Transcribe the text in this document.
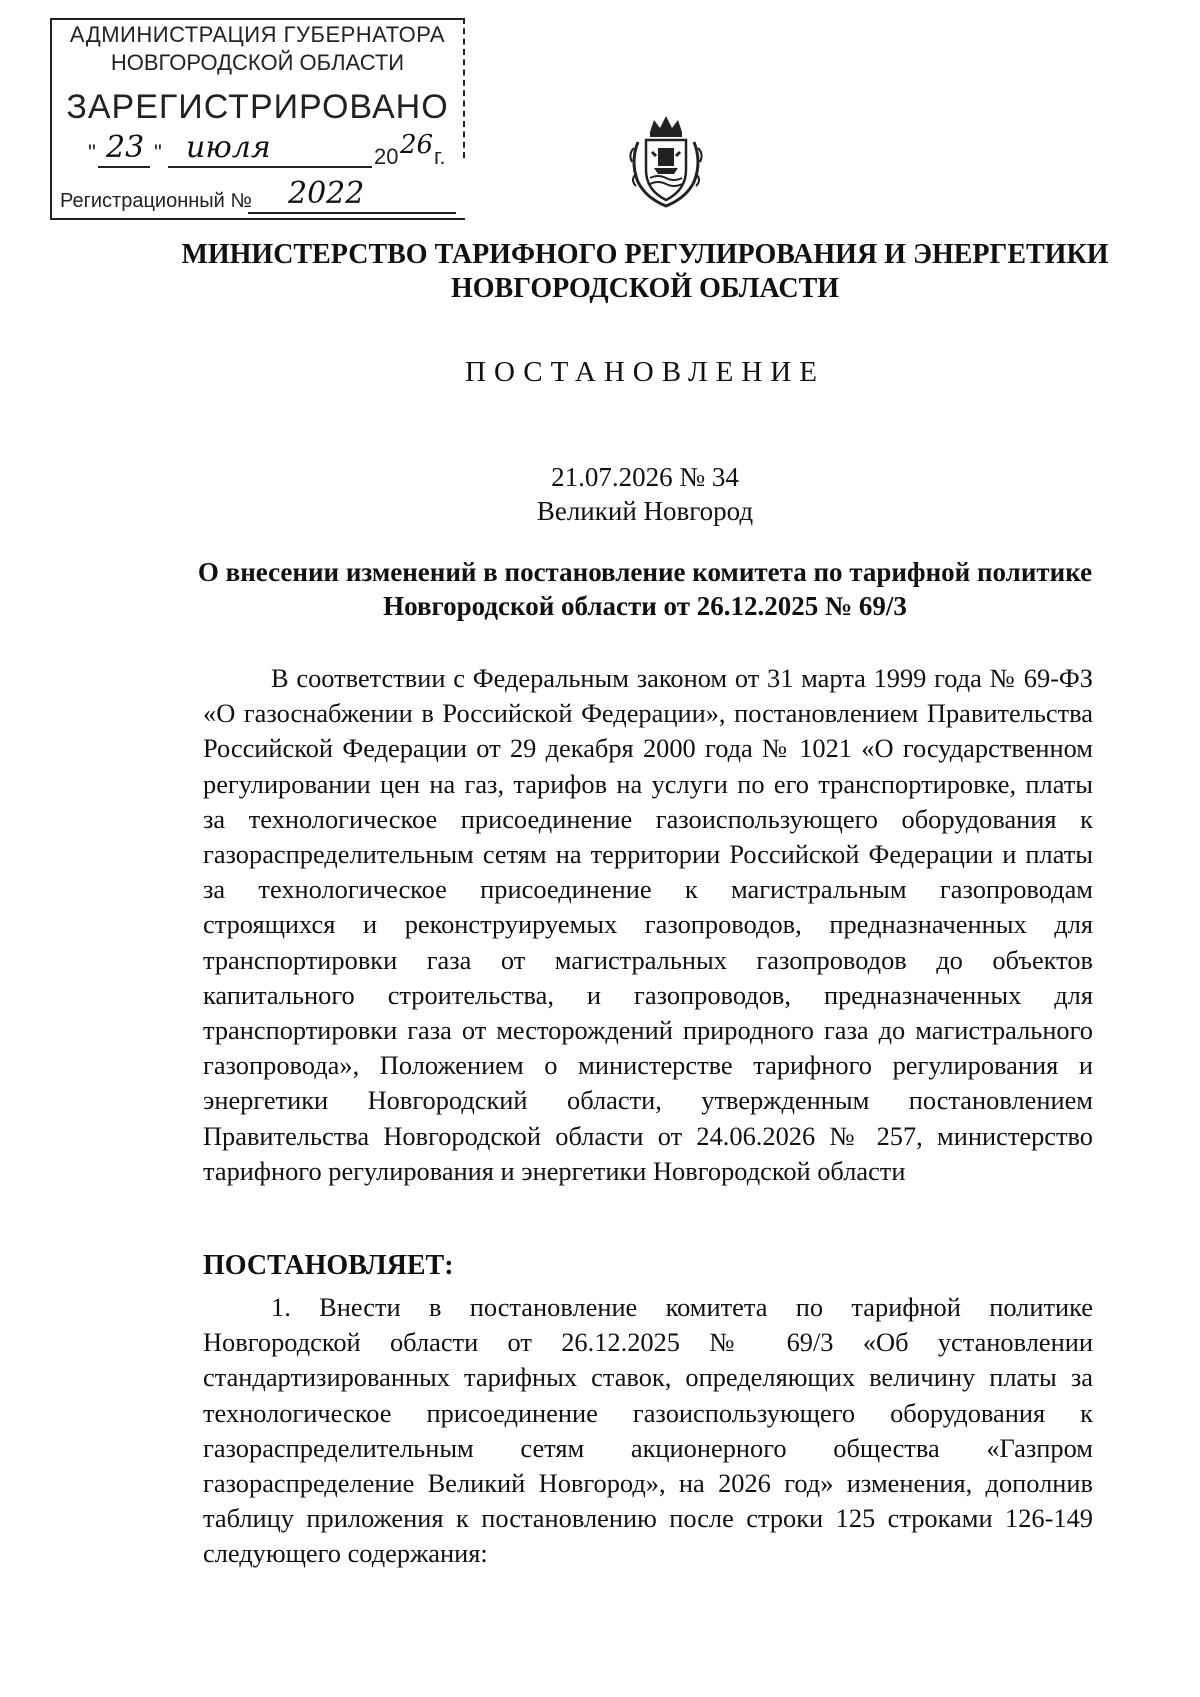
АДМИНИСТРАЦИЯ ГУБЕРНАТОРА
НОВГОРОДСКОЙ ОБЛАСТИ
ЗАРЕГИСТРИРОВАНО
" 23 " июля	20 26 г.
Регистрационный № 2022
МИНИСТЕРСТВО ТАРИФНОГО РЕГУЛИРОВАНИЯ И ЭНЕРГЕТИКИ
НОВГОРОДСКОЙ ОБЛАСТИ
ПОСТАНОВЛЕНИЕ
21.07.2026 № 34
Великий Новгород
О внесении изменений в постановление комитета по тарифной политике
Новгородской области от 26.12.2025 № 69/3

В соответствии с Федеральным законом от 31 марта 1999 года № 69-ФЗ «О газоснабжении в Российской Федерации», постановлением Правительства Российской Федерации от 29 декабря 2000 года № 1021 «О государственном регулировании цен на газ, тарифов на услуги по его транспортировке, платы за технологическое присоединение газоиспользующего оборудования к газораспределительным сетям на территории Российской Федерации и платы за технологическое присоединение к магистральным газопроводам строящихся и реконструируемых газопроводов, предназначенных для транспортировки газа от магистральных газопроводов до объектов капитального строительства, и газопроводов, предназначенных для транспортировки газа от месторождений природного газа до магистрального газопровода», Положением о министерстве тарифного регулирования и энергетики Новгородский области, утвержденным постановлением Правительства Новгородской области от 24.06.2026 № 257, министерство тарифного регулирования и энергетики Новгородской области

ПОСТАНОВЛЯЕТ:

1. Внести в постановление комитета по тарифной политике Новгородской области от 26.12.2025 № 69/3 «Об установлении стандартизированных тарифных ставок, определяющих величину платы за технологическое присоединение газоиспользующего оборудования к газораспределительным сетям акционерного общества «Газпром газораспределение Великий Новгород», на 2026 год» изменения, дополнив таблицу приложения к постановлению после строки 125 строками 126-149 следующего содержания:
